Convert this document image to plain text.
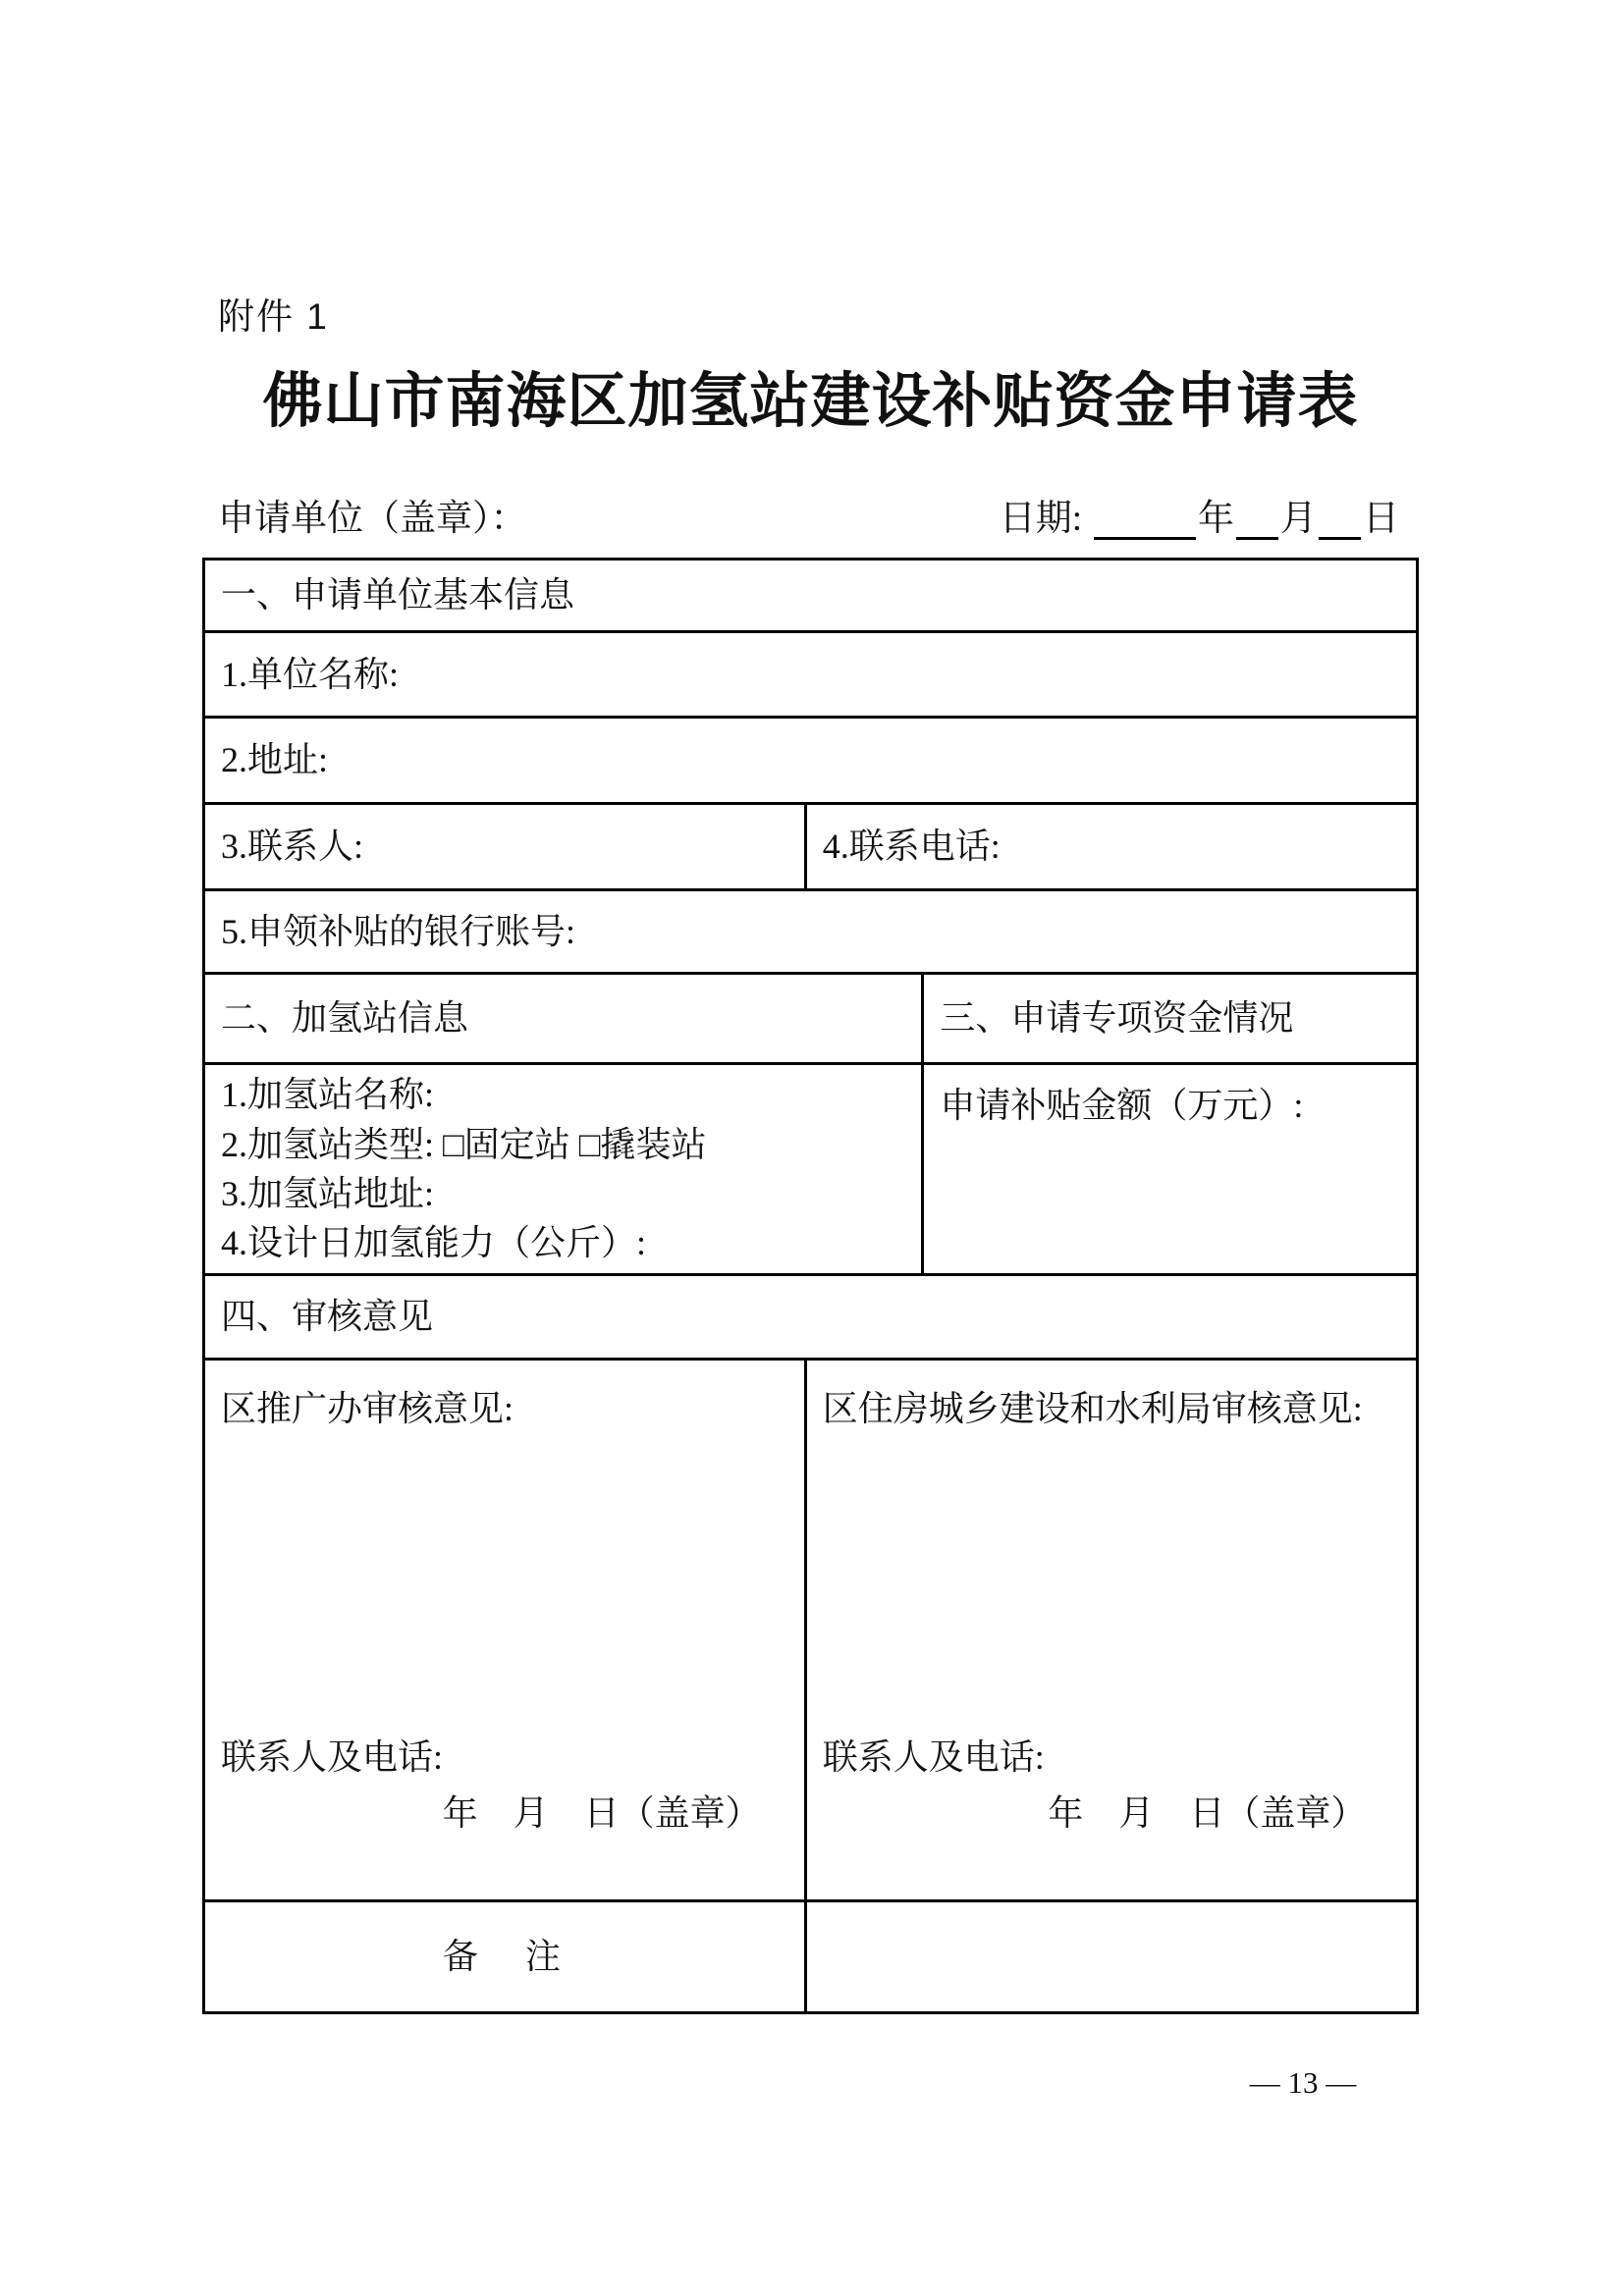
附件 1
佛山市南海区加氢站建设补贴资金申请表
申请单位（盖章）：	日期:	年 月 日
一、申请单位基本信息
1.单位名称:
2.地址:
3.联系人:	4.联系电话:
5.申领补贴的银行账号:
二、加氢站信息	三、申请专项资金情况
1.加氢站名称:
2.加氢站类型: □固定站 □撬装站
3.加氢站地址:
4.设计日加氢能力（公斤）:
申请补贴金额（万元）:
四、审核意见
区推广办审核意见:
联系人及电话:
年　月　日（盖章）
区住房城乡建设和水利局审核意见:
联系人及电话:
年　月　日（盖章）
备　注
— 13 —
